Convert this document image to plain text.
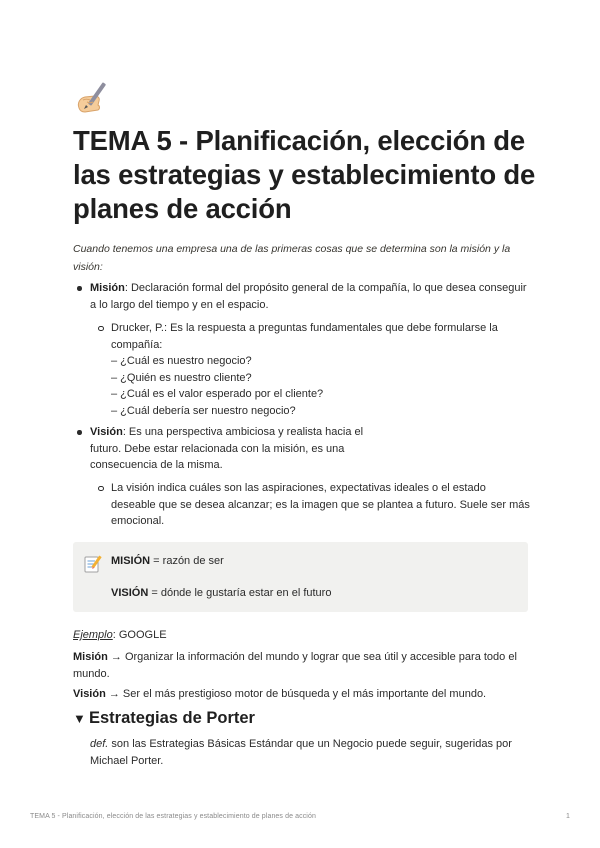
TEMA 5 - Planificación, elección de las estrategias y establecimiento de planes de acción

Cuando tenemos una empresa una de las primeras cosas que se determina son la misión y la visión:

Misión: Declaración formal del propósito general de la compañía, lo que desea conseguir a lo largo del tiempo y en el espacio.
Drucker, P.: Es la respuesta a preguntas fundamentales que debe formularse la
compañía:
– ¿Cuál es nuestro negocio?
– ¿Quién es nuestro cliente?
– ¿Cuál es el valor esperado por el cliente?
– ¿Cuál debería ser nuestro negocio?
Visión: Es una perspectiva ambiciosa y realista hacia el
futuro. Debe estar relacionada con la misión, es una
consecuencia de la misma.
La visión indica cuáles son las aspiraciones, expectativas ideales o el estado deseable que se desea alcanzar; es la imagen que se plantea a futuro. Suele ser más emocional.
MISIÓN = razón de ser
VISIÓN = dónde le gustaría estar en el futuro
Ejemplo: GOOGLE
Misión → Organizar la información del mundo y lograr que sea útil y accesible para todo el mundo.
Visión → Ser el más prestigioso motor de búsqueda y el más importante del mundo.
▼ Estrategias de Porter
def. son las Estrategias Básicas Estándar que un Negocio puede seguir, sugeridas por Michael Porter.
TEMA 5 - Planificación, elección de las estrategias y establecimiento de planes de acción	1
